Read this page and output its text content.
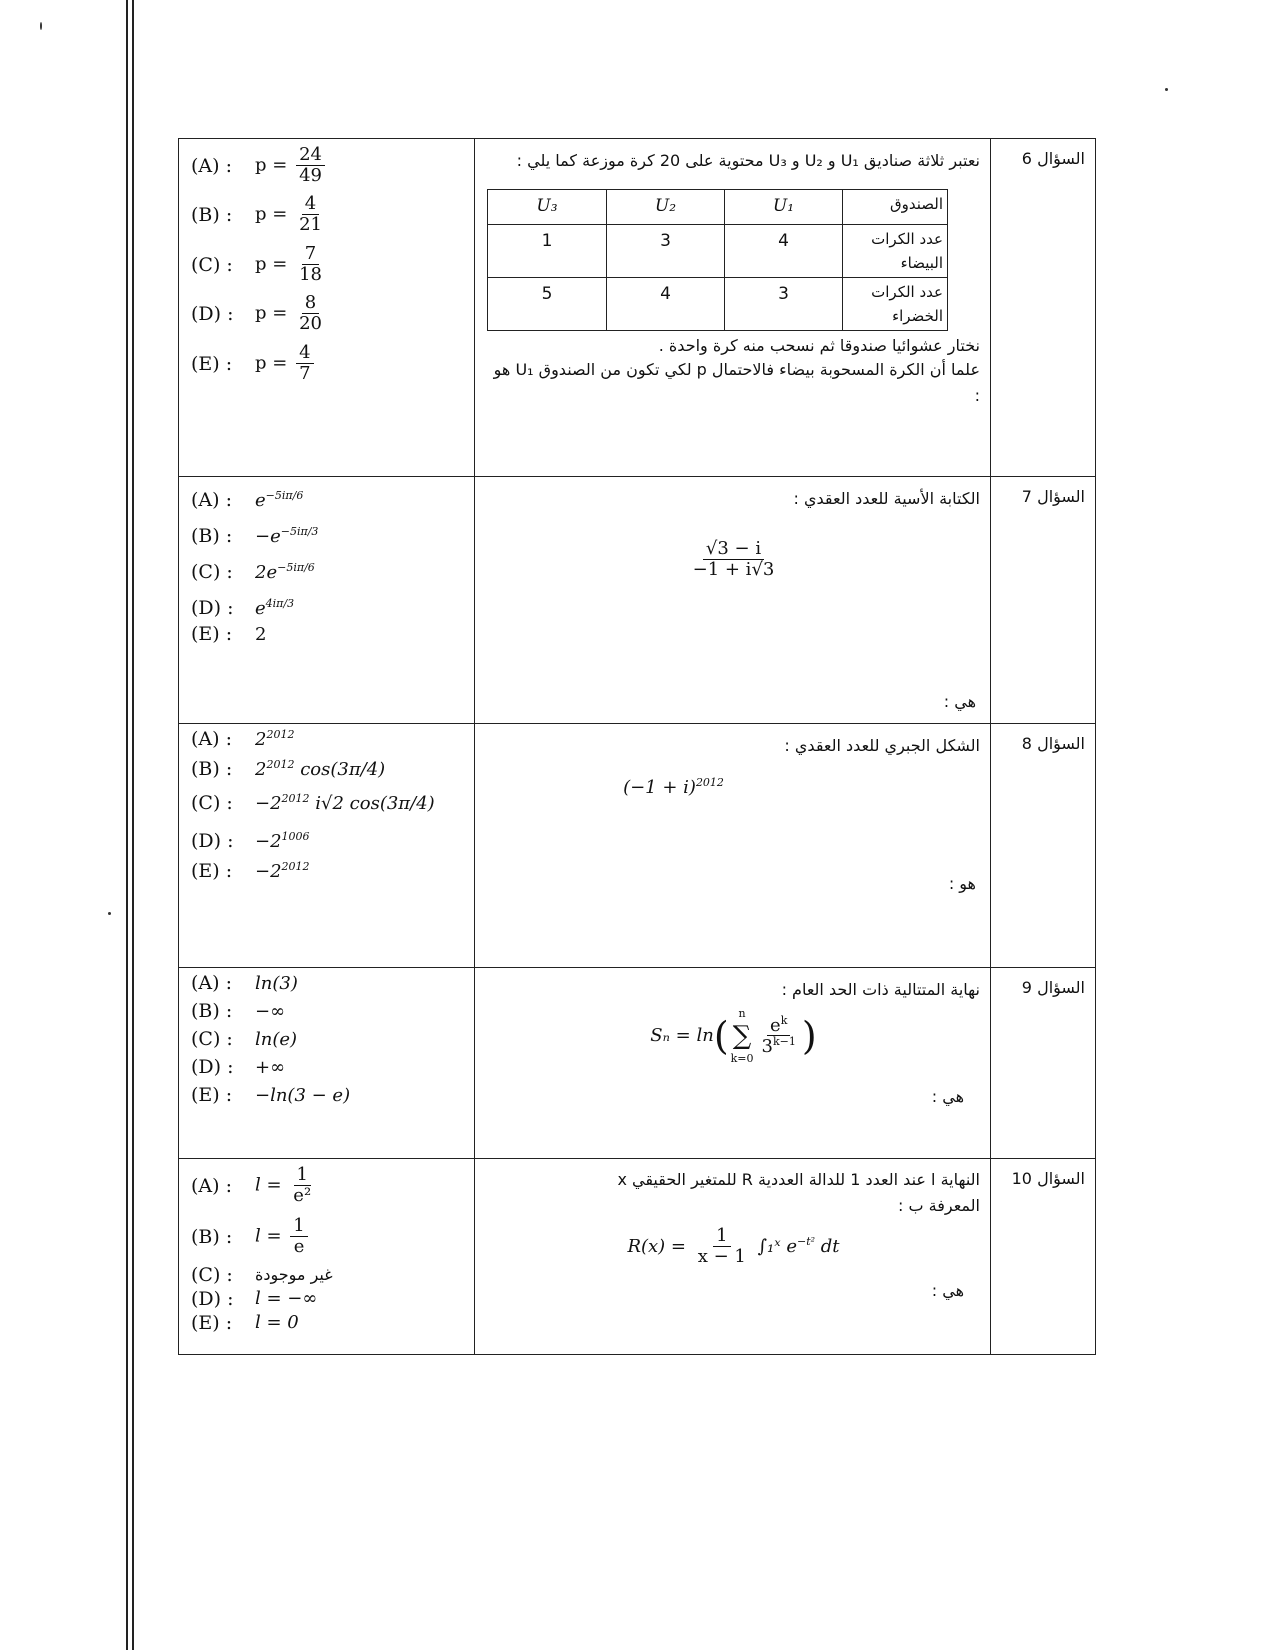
(A) :	$p = \frac{24}{49}$
(B) :	$p = \frac{4}{21}$
(C) :	$p = \frac{7}{18}$
(D) :	$p = \frac{8}{20}$
(E) :	$p = \frac{4}{7}$

نعتبر ثلاثة صناديق U₁ و U₂ و U₃ محتوية على 20 كرة موزعة كما يلي :
الصندوق	U₁	U₂	U₃
عدد الكرات البيضاء	4	3	1
عدد الكرات الخضراء	3	4	5
نختار عشوائيا صندوقا ثم نسحب منه كرة واحدة .
علما أن الكرة المسحوبة بيضاء فالاحتمال p لكي تكون من الصندوق U₁ هو :

السؤال 6

(A) :	$e^{-5i\pi/6}$
(B) :	$-e^{-5i\pi/3}$
(C) :	$2e^{-5i\pi/6}$
(D) :	$e^{4i\pi/3}$
(E) :	2

الكتابة الأسية للعدد العقدي :
$\frac{√3 - i}{-1 + i√3}$
هي :

السؤال 7

(A) :	$2^{2012}$
(B) :	$2^{2012}$ cos(3π/4)
(C) :	$-2^{2012}$ i√2 cos(3π/4)
(D) :	$-2^{1006}$
(E) :	$-2^{2012}$

الشكل الجبري للعدد العقدي :
$(-1 + i)^{2012}$
هو :

السؤال 8

(A) :	ln(3)
(B) :	−∞
(C) :	ln(e)
(D) :	+∞
(E) :	−ln(3 − e)

نهاية المتتالية ذات الحد العام :
Sₙ = ln(
n
∑
k=0
$\frac{e^k}{3^{k-1}}$ )
هي :

السؤال 9

(A) :	$l = \frac{1}{\text{e²}}$
(B) :	$l = \frac{1}{e}$
(C) :	غير موجودة
(D) :	l = −∞
(E) :	l = 0

النهاية l عند العدد 1 للدالة العددية R للمتغير الحقيقي x
المعرفة ب :
$R(x) = \frac{1}{x - 1}$ ∫₁ˣ $e^{-t^2}$ dt
هي :

السؤال 10
